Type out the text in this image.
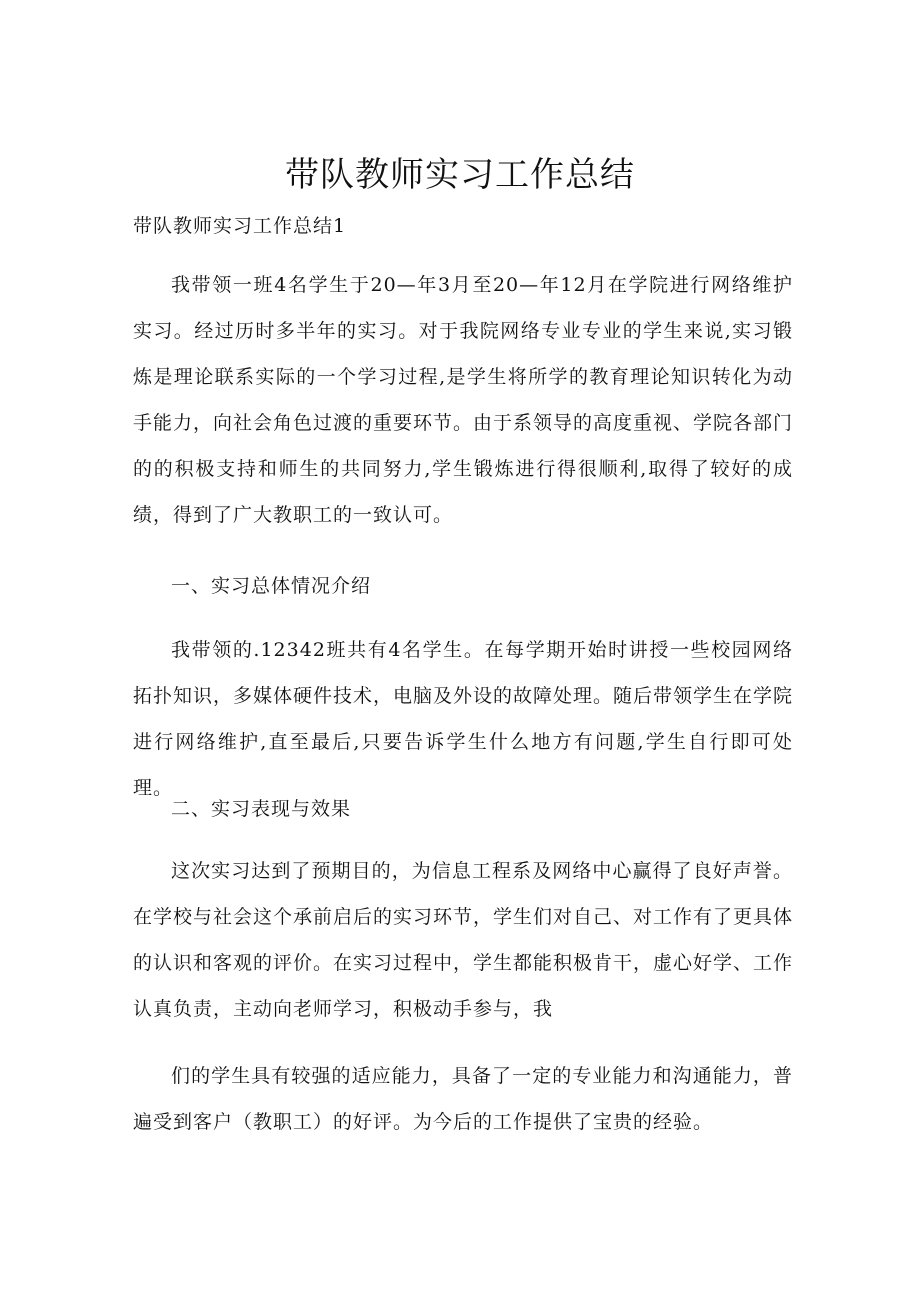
带队教师实习工作总结

带队教师实习工作总结1

我带领一班4名学生于20—年3月至20—年12月在学院进行网络维护实习。经过历时多半年的实习。对于我院网络专业专业的学生来说,实习锻炼是理论联系实际的一个学习过程,是学生将所学的教育理论知识转化为动手能力，向社会角色过渡的重要环节。由于系领导的高度重视、学院各部门的的积极支持和师生的共同努力,学生锻炼进行得很顺利,取得了较好的成绩，得到了广大教职工的一致认可。

一、实习总体情况介绍

我带领的.12342班共有4名学生。在每学期开始时讲授一些校园网络拓扑知识，多媒体硬件技术，电脑及外设的故障处理。随后带领学生在学院进行网络维护,直至最后,只要告诉学生什么地方有问题,学生自行即可处理。

二、实习表现与效果

这次实习达到了预期目的，为信息工程系及网络中心赢得了良好声誉。在学校与社会这个承前启后的实习环节，学生们对自己、对工作有了更具体的认识和客观的评价。在实习过程中，学生都能积极肯干，虚心好学、工作认真负责，主动向老师学习，积极动手参与，我

们的学生具有较强的适应能力，具备了一定的专业能力和沟通能力，普遍受到客户（教职工）的好评。为今后的工作提供了宝贵的经验。
